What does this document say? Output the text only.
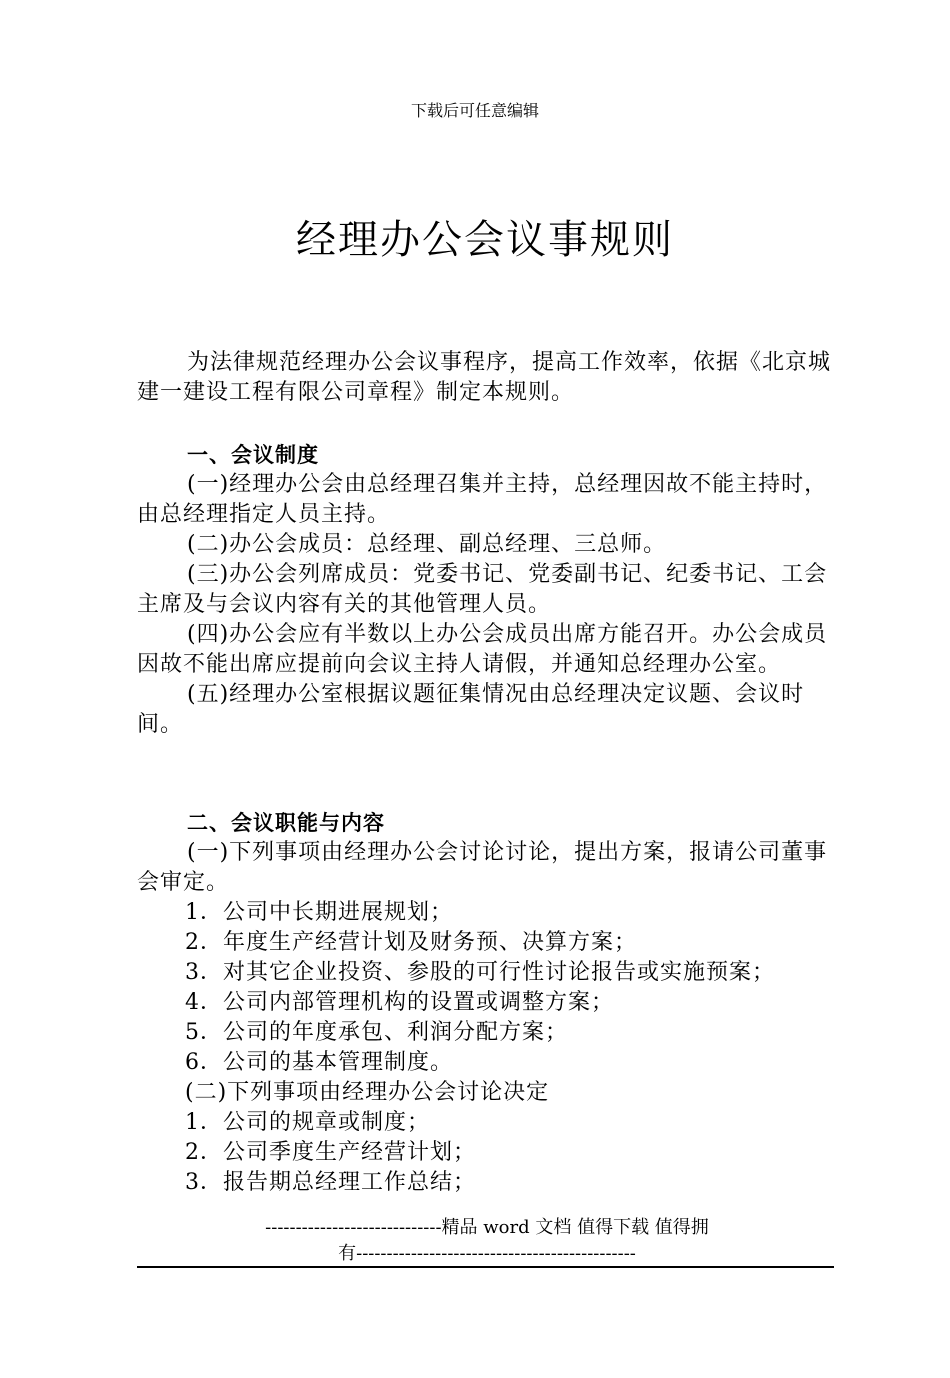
下载后可任意编辑
经理办公会议事规则
为法律规范经理办公会议事程序，提高工作效率，依据《北京城建一建设工程有限公司章程》制定本规则。

一、会议制度

(一)经理办公会由总经理召集并主持，总经理因故不能主持时，由总经理指定人员主持。

(二)办公会成员：总经理、副总经理、三总师。

(三)办公会列席成员：党委书记、党委副书记、纪委书记、工会主席及与会议内容有关的其他管理人员。

(四)办公会应有半数以上办公会成员出席方能召开。办公会成员因故不能出席应提前向会议主持人请假，并通知总经理办公室。

(五)经理办公室根据议题征集情况由总经理决定议题、会议时间。

二、会议职能与内容

(一)下列事项由经理办公会讨论讨论，提出方案，报请公司董事会审定。

1．公司中长期进展规划；

2．年度生产经营计划及财务预、决算方案；

3．对其它企业投资、参股的可行性讨论报告或实施预案；

4．公司内部管理机构的设置或调整方案；

5．公司的年度承包、利润分配方案；

6．公司的基本管理制度。

(二)下列事项由经理办公会讨论决定

1．公司的规章或制度；

2．公司季度生产经营计划；

3．报告期总经理工作总结；

-----------------------------精品 word 文档 值得下载 值得拥
有----------------------------------------------
